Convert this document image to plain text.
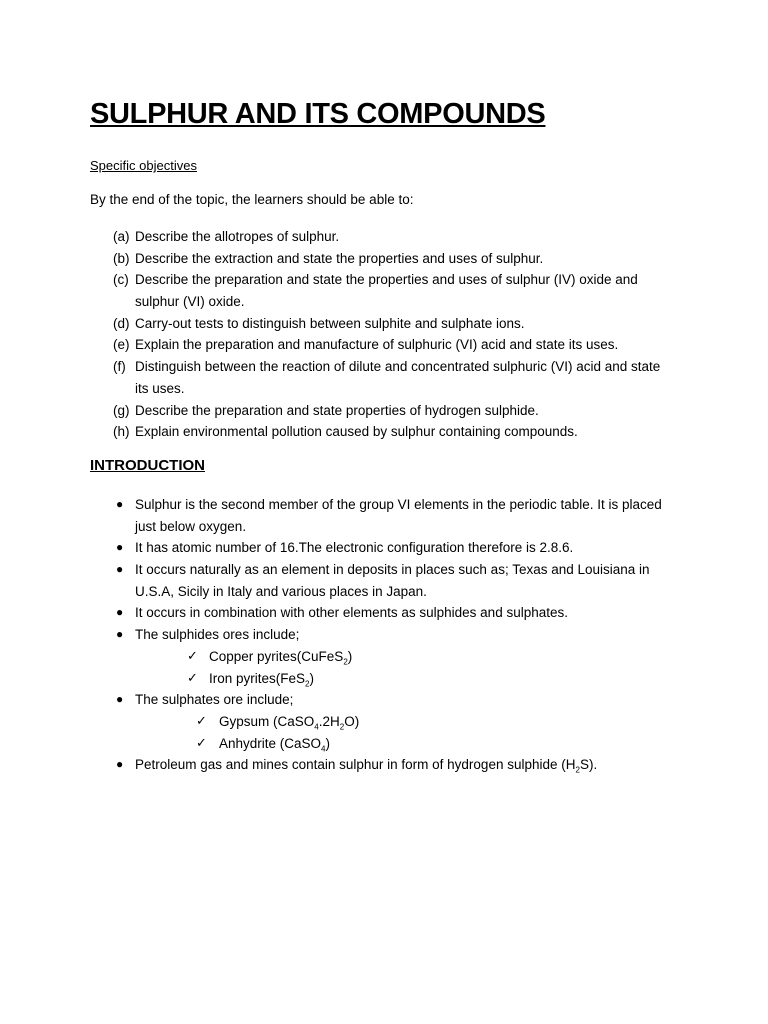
SULPHUR AND ITS COMPOUNDS
Specific objectives
By the end of the topic, the learners should be able to:
(a) Describe the allotropes of sulphur.
(b) Describe the extraction and state the properties and uses of sulphur.
(c) Describe the preparation and state the properties and uses of sulphur (IV) oxide and sulphur (VI) oxide.
(d) Carry-out tests to distinguish between sulphite and sulphate ions.
(e) Explain the preparation and manufacture of sulphuric (VI) acid and state its uses.
(f) Distinguish between the reaction of dilute and concentrated sulphuric (VI) acid and state its uses.
(g) Describe the preparation and state properties of hydrogen sulphide.
(h) Explain environmental pollution caused by sulphur containing compounds.
INTRODUCTION
● Sulphur is the second member of the group VI elements in the periodic table. It is placed just below oxygen.
● It has atomic number of 16.The electronic configuration therefore is 2.8.6.
● It occurs naturally as an element in deposits in places such as; Texas and Louisiana in U.S.A, Sicily in Italy and various places in Japan.
● It occurs in combination with other elements as sulphides and sulphates.
● The sulphides ores include;
✓ Copper pyrites(CuFeS$_2$)
✓ Iron pyrites(FeS$_2$)
● The sulphates ore include;
✓ Gypsum $(CaSO_4.2H_2O)$
✓ Anhydrite (CaSO$_4$)
● Petroleum gas and mines contain sulphur in form of hydrogen sulphide $(H_2S)$.
